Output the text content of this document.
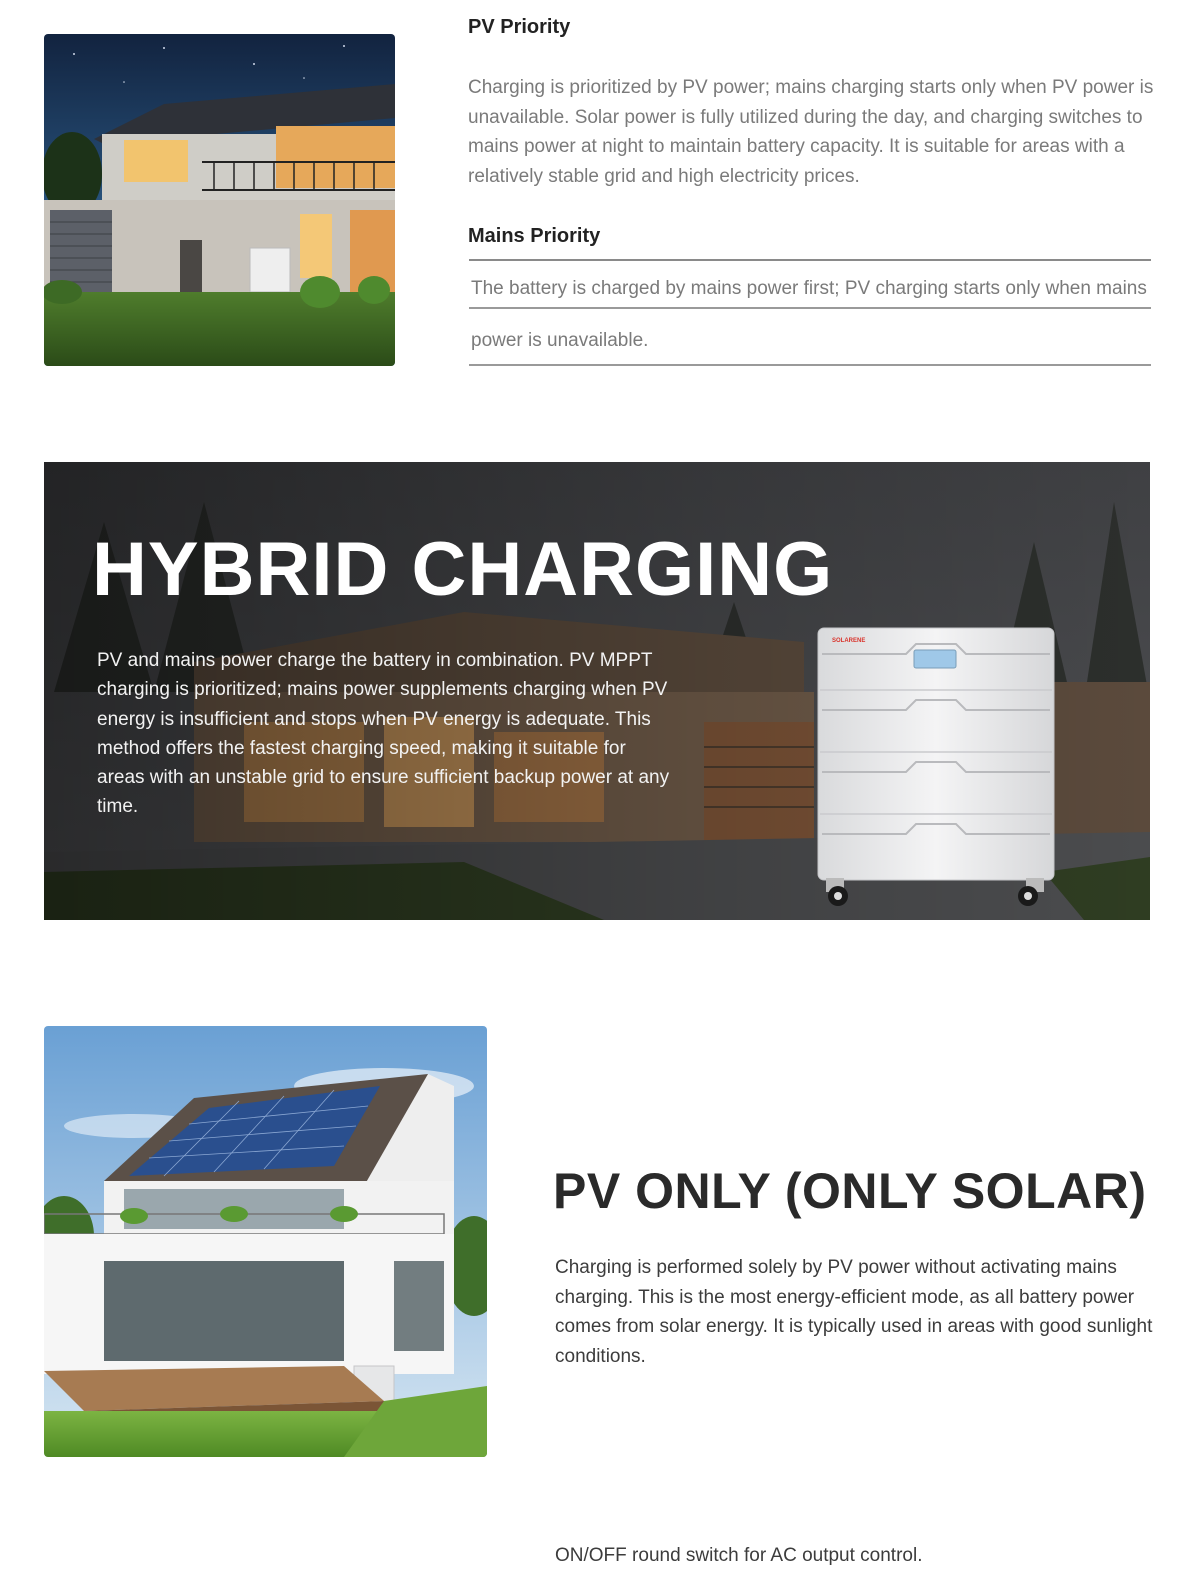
PV Priority
Charging is prioritized by PV power; mains charging starts only when PV power is unavailable. Solar power is fully utilized during the day, and charging switches to mains power at night to maintain battery capacity. It is suitable for areas with a relatively stable grid and high electricity prices.
Mains Priority
The battery is charged by mains power first; PV charging starts only when mains
power is unavailable.
HYBRID CHARGING
PV and mains power charge the battery in combination. PV MPPT charging is prioritized; mains power supplements charging when PV energy is insufficient and stops when PV energy is adequate. This method offers the fastest charging speed, making it suitable for areas with an unstable grid to ensure sufficient backup power at any time.
SOLARENE
PV ONLY (ONLY SOLAR)
Charging is performed solely by PV power without activating mains charging. This is the most energy-efficient mode, as all battery power comes from solar energy. It is typically used in areas with good sunlight conditions.
ON/OFF round switch for AC output control.
